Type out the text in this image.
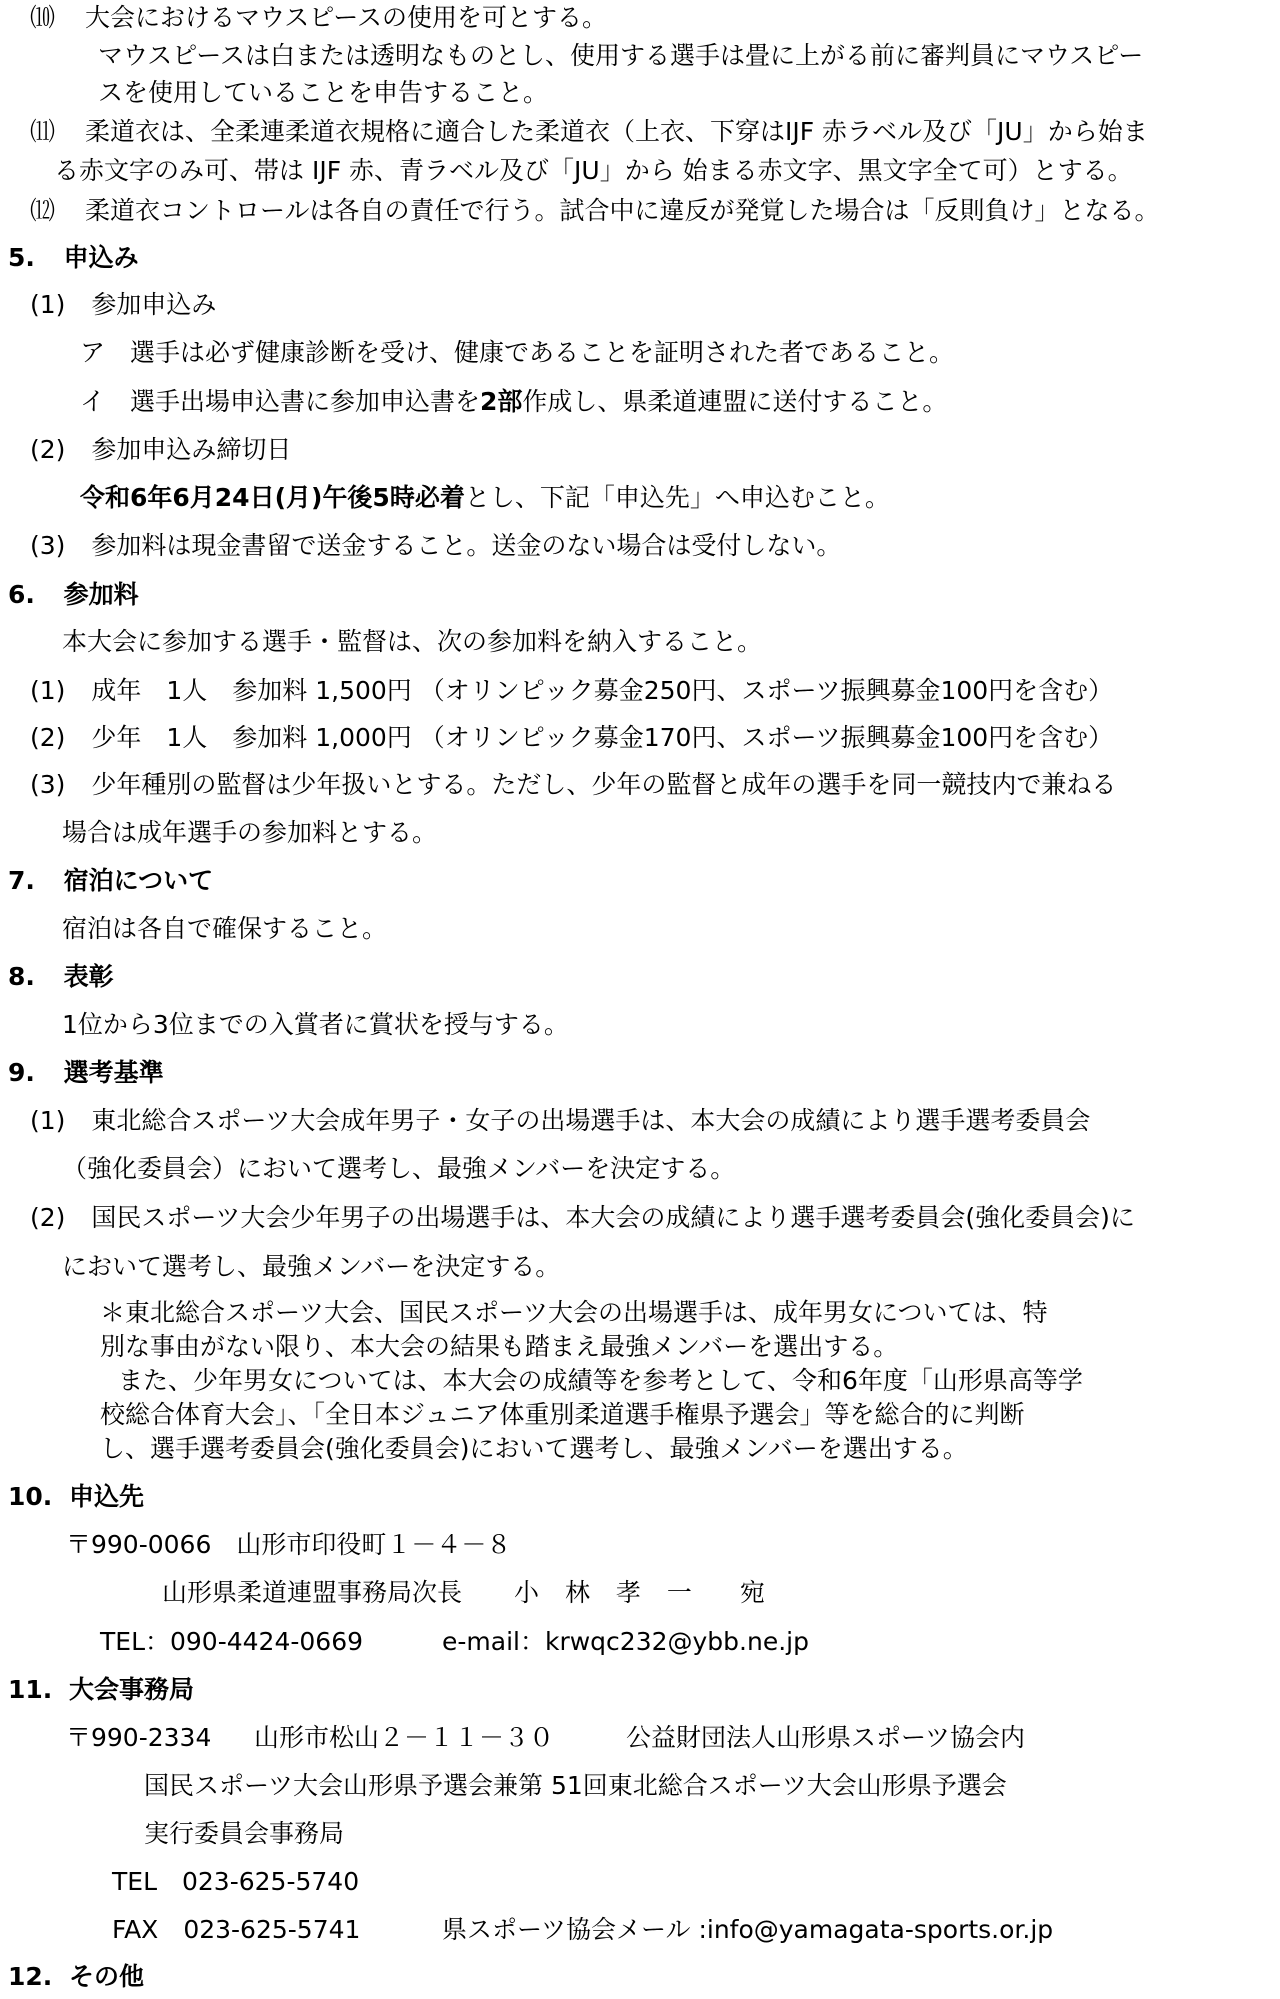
⑽ 大会におけるマウスピースの使用を可とする。
マウスピースは白または透明なものとし、使用する選手は畳に上がる前に審判員にマウスピー
スを使用していることを申告すること。
⑾ 柔道衣は、全柔連柔道衣規格に適合した柔道衣（上衣、下穿はIJF 赤ラベル及び「JU」から始ま
る赤文字のみ可、帯は IJF 赤、青ラベル及び「JU」から 始まる赤文字、黒文字全て可）とする。
⑿ 柔道衣コントロールは各自の責任で行う。試合中に違反が発覚した場合は「反則負け」となる。
5. 申込み
(1) 参加申込み
ア　選手は必ず健康診断を受け、健康であることを証明された者であること。
イ　選手出場申込書に参加申込書を2部作成し、県柔道連盟に送付すること。
(2) 参加申込み締切日
令和6年6月24日(月)午後5時必着とし、下記「申込先」へ申込むこと。
(3) 参加料は現金書留で送金すること。送金のない場合は受付しない。
6. 参加料
本大会に参加する選手・監督は、次の参加料を納入すること。
(1) 成年　1人　参加料 1,500円 （オリンピック募金250円、スポーツ振興募金100円を含む）
(2) 少年　1人　参加料 1,000円 （オリンピック募金170円、スポーツ振興募金100円を含む）
(3) 少年種別の監督は少年扱いとする。ただし、少年の監督と成年の選手を同一競技内で兼ねる
場合は成年選手の参加料とする。
7. 宿泊について
宿泊は各自で確保すること。
8. 表彰
1位から3位までの入賞者に賞状を授与する。
9. 選考基準
(1) 東北総合スポーツ大会成年男子・女子の出場選手は、本大会の成績により選手選考委員会
（強化委員会）において選考し、最強メンバーを決定する。
(2) 国民スポーツ大会少年男子の出場選手は、本大会の成績により選手選考委員会(強化委員会)に
において選考し、最強メンバーを決定する。
＊東北総合スポーツ大会、国民スポーツ大会の出場選手は、成年男女については、特
別な事由がない限り、本大会の結果も踏まえ最強メンバーを選出する。
また、少年男女については、本大会の成績等を参考として、令和6年度「山形県高等学
校総合体育大会」、「全日本ジュニア体重別柔道選手権県予選会」等を総合的に判断
し、選手選考委員会(強化委員会)において選考し、最強メンバーを選出する。
10. 申込先
〒990-0066　山形市印役町１－４－８
山形県柔道連盟事務局次長 小 林 孝 一 宛
TEL：090-4424-0669	e-mail：krwqc232@ybb.ne.jp
11. 大会事務局
〒990-2334 山形市松山２－１１－３０	公益財団法人山形県スポーツ協会内
国民スポーツ大会山形県予選会兼第 51回東北総合スポーツ大会山形県予選会
実行委員会事務局
TEL　023-625-5740
FAX　023-625-5741	県スポーツ協会メール :info@yamagata-sports.or.jp
12. その他
